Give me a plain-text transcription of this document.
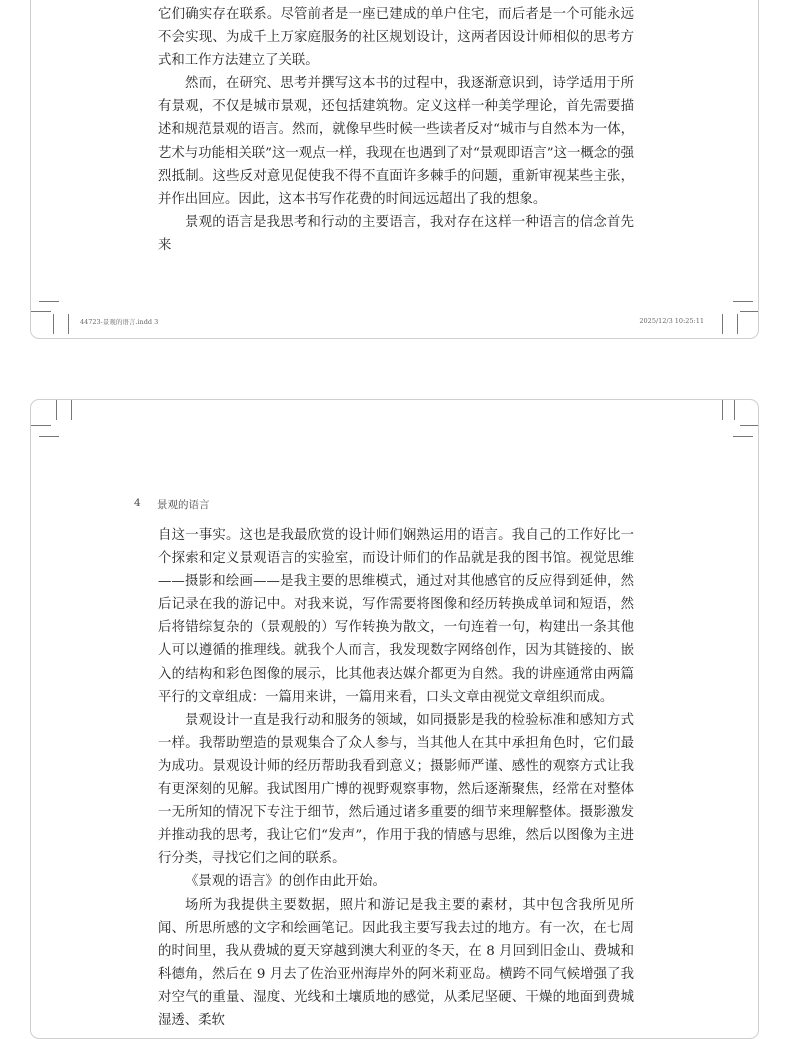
它们确实存在联系。尽管前者是一座已建成的单户住宅，而后者是一个可能永远不会实现、为成千上万家庭服务的社区规划设计，这两者因设计师相似的思考方式和工作方法建立了关联。

然而，在研究、思考并撰写这本书的过程中，我逐渐意识到，诗学适用于所有景观，不仅是城市景观，还包括建筑物。定义这样一种美学理论，首先需要描述和规范景观的语言。然而，就像早些时候一些读者反对“城市与自然本为一体，艺术与功能相关联”这一观点一样，我现在也遇到了对“景观即语言”这一概念的强烈抵制。这些反对意见促使我不得不直面许多棘手的问题，重新审视某些主张，并作出回应。因此，这本书写作花费的时间远远超出了我的想象。

景观的语言是我思考和行动的主要语言，我对存在这样一种语言的信念首先来

44723-景观的语言.indd 3	2025/12/3 10:25:11
4 景观的语言

自这一事实。这也是我最欣赏的设计师们娴熟运用的语言。我自己的工作好比一个探索和定义景观语言的实验室，而设计师们的作品就是我的图书馆。视觉思维——摄影和绘画——是我主要的思维模式，通过对其他感官的反应得到延伸，然后记录在我的游记中。对我来说，写作需要将图像和经历转换成单词和短语，然后将错综复杂的（景观般的）写作转换为散文，一句连着一句，构建出一条其他人可以遵循的推理线。就我个人而言，我发现数字网络创作，因为其链接的、嵌入的结构和彩色图像的展示，比其他表达媒介都更为自然。我的讲座通常由两篇平行的文章组成：一篇用来讲，一篇用来看，口头文章由视觉文章组织而成。

景观设计一直是我行动和服务的领域，如同摄影是我的检验标准和感知方式一样。我帮助塑造的景观集合了众人参与，当其他人在其中承担角色时，它们最为成功。景观设计师的经历帮助我看到意义；摄影师严谨、感性的观察方式让我有更深刻的见解。我试图用广博的视野观察事物，然后逐渐聚焦，经常在对整体一无所知的情况下专注于细节，然后通过诸多重要的细节来理解整体。摄影激发并推动我的思考，我让它们“发声”，作用于我的情感与思维，然后以图像为主进行分类，寻找它们之间的联系。

《景观的语言》的创作由此开始。

场所为我提供主要数据，照片和游记是我主要的素材，其中包含我所见所闻、所思所感的文字和绘画笔记。因此我主要写我去过的地方。有一次，在七周的时间里，我从费城的夏天穿越到澳大利亚的冬天，在 8 月回到旧金山、费城和科德角，然后在 9 月去了佐治亚州海岸外的阿米莉亚岛。横跨不同气候增强了我对空气的重量、湿度、光线和土壤质地的感觉，从柔尼坚硬、干燥的地面到费城湿透、柔软
